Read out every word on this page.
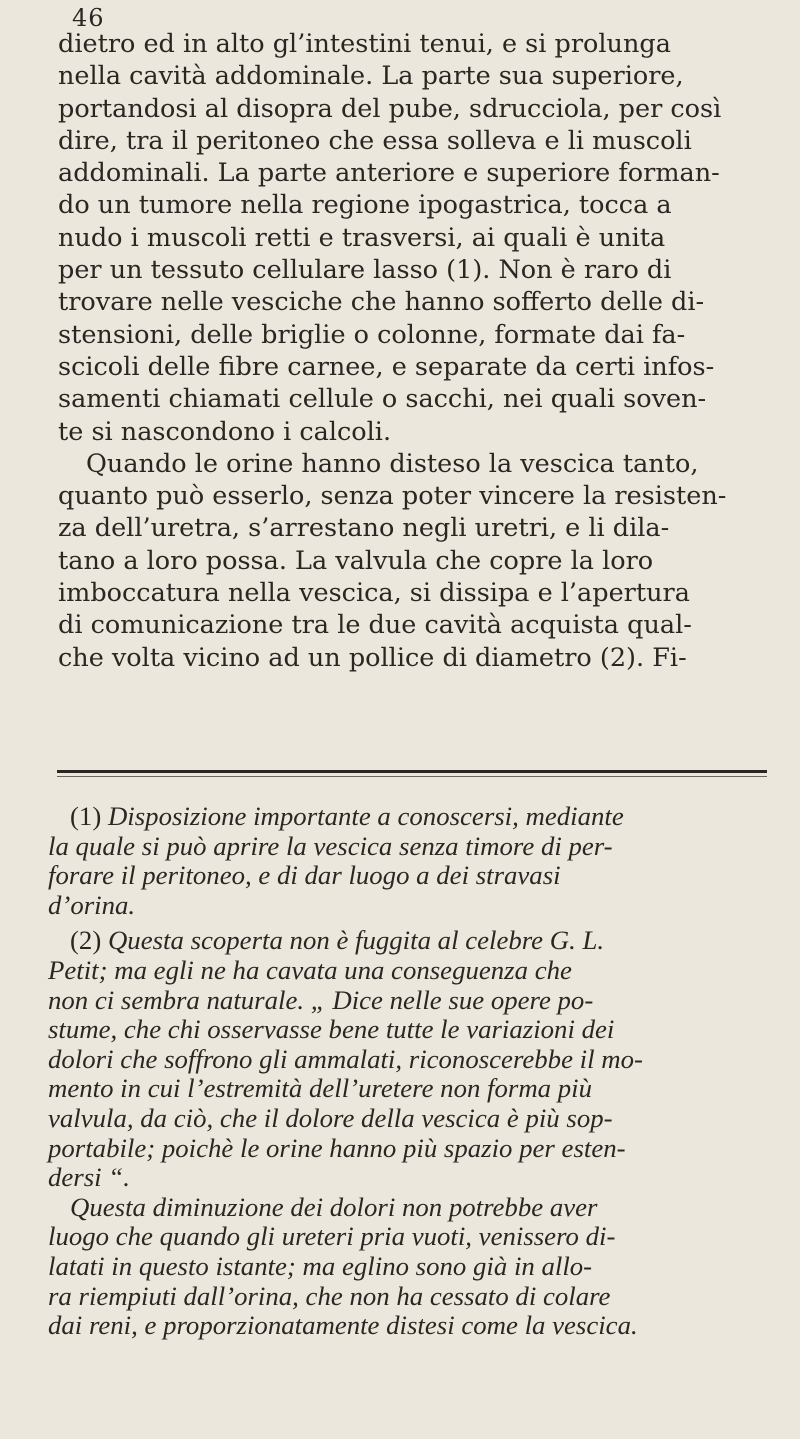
46
dietro ed in alto gl’intestini tenui, e si prolunga
nella cavità addominale. La parte sua superiore,
portandosi al disopra del pube, sdrucciola, per così
dire, tra il peritoneo che essa solleva e li muscoli
addominali. La parte anteriore e superiore forman-
do un tumore nella regione ipogastrica, tocca a
nudo i muscoli retti e trasversi, ai quali è unita
per un tessuto cellulare lasso (1). Non è raro di
trovare nelle vesciche che hanno sofferto delle di-
stensioni, delle briglie o colonne, formate dai fa-
scicoli delle fibre carnee, e separate da certi infos-
samenti chiamati cellule o sacchi, nei quali soven-
te si nascondono i calcoli.
Quando le orine hanno disteso la vescica tanto,
quanto può esserlo, senza poter vincere la resisten-
za dell’uretra, s’arrestano negli uretri, e li dila-
tano a loro possa. La valvula che copre la loro
imboccatura nella vescica, si dissipa e l’apertura
di comunicazione tra le due cavità acquista qual-
che volta vicino ad un pollice di diametro (2). Fi-
(1) Disposizione importante a conoscersi, mediante
la quale si può aprire la vescica senza timore di per-
forare il peritoneo, e di dar luogo a dei stravasi
d’orina.
(2) Questa scoperta non è fuggita al celebre G. L.
Petit; ma egli ne ha cavata una conseguenza che
non ci sembra naturale. „ Dice nelle sue opere po-
stume, che chi osservasse bene tutte le variazioni dei
dolori che soffrono gli ammalati, riconoscerebbe il mo-
mento in cui l’estremità dell’uretere non forma più
valvula, da ciò, che il dolore della vescica è più sop-
portabile; poichè le orine hanno più spazio per esten-
dersi “.
Questa diminuzione dei dolori non potrebbe aver
luogo che quando gli ureteri pria vuoti, venissero di-
latati in questo istante; ma eglino sono già in allo-
ra riempiuti dall’orina, che non ha cessato di colare
dai reni, e proporzionatamente distesi come la vescica.
